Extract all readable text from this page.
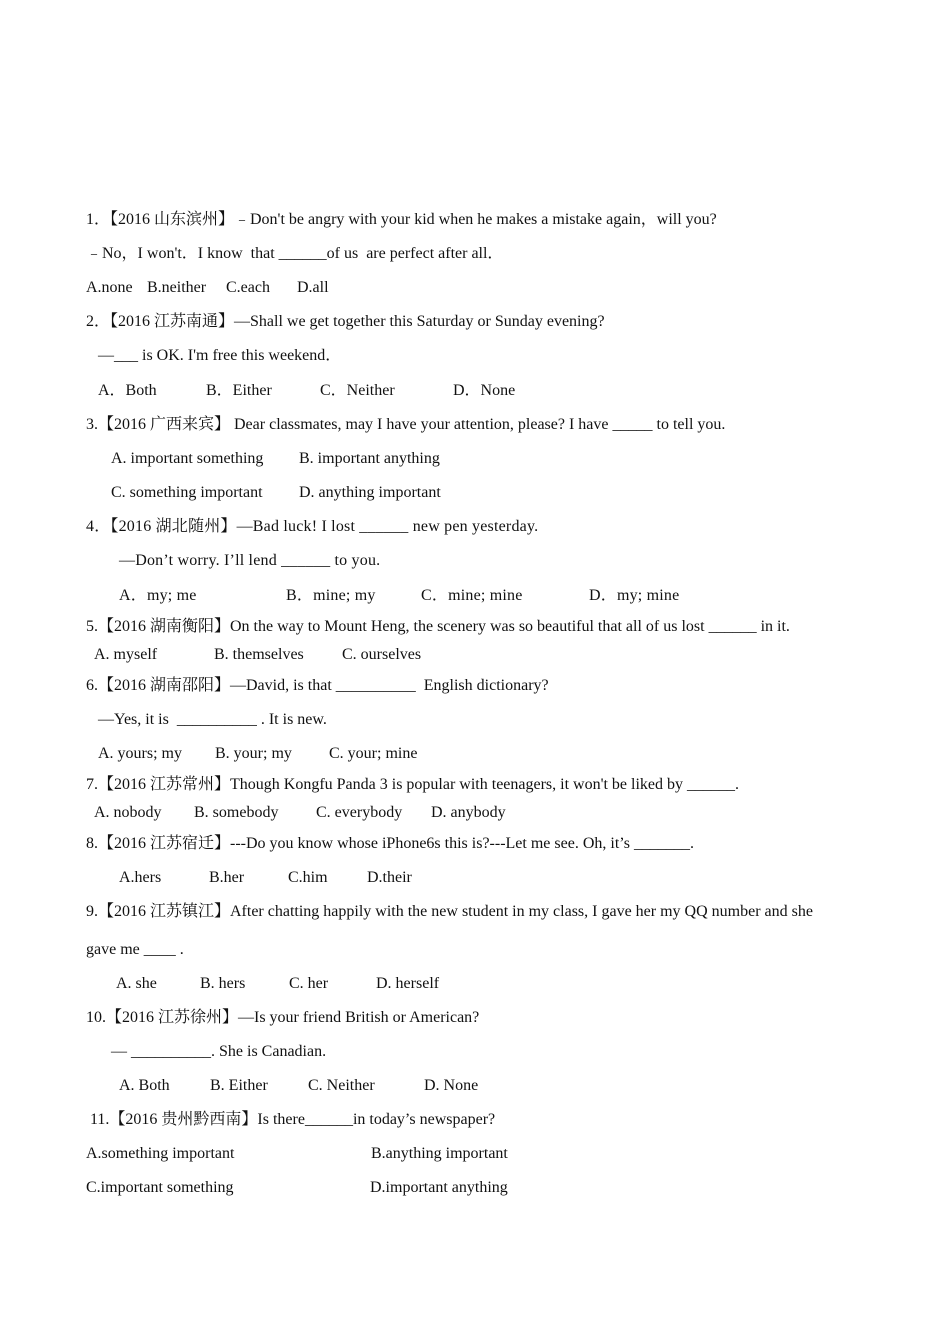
1．【2016 山东滨州】﹣Don't be angry with your kid when he makes a mistake again，will you?
﹣No，I won't．I know  that ______of us  are perfect after all．
A.none B.neither C.each D.all
2．【2016 江苏南通】—Shall we get together this Saturday or Sunday evening?
—___ is OK. I'm free this weekend．
A．Both	B．Either	C．Neither	D．None
3.【2016 广西来宾】 Dear classmates, may I have your attention, please? I have _____ to tell you.
A. important something B. important anything
C. something important D. anything important
4．【2016 湖北随州】—Bad luck! I lost ______ new pen yesterday.
—Don’t worry. I’ll lend ______ to you.
A．my; me	B．mine; my	C．mine; mine	D．my; mine
5.【2016 湖南衡阳】On the way to Mount Heng, the scenery was so beautiful that all of us lost ______ in it.
A. myself	B. themselves C. ourselves
6.【2016 湖南邵阳】—David, is that __________  English dictionary?
—Yes, it is  __________ . It is new.
A. yours; my B. your; my C. your; mine
7.【2016 江苏常州】Though Kongfu Panda 3 is popular with teenagers, it won't be liked by ______.
A. nobody B. somebody C. everybody D. anybody
8.【2016 江苏宿迁】---Do you know whose iPhone6s this is?---Let me see. Oh, it’s _______.
A.hers	B.her	C.him D.their
9.【2016 江苏镇江】After chatting happily with the new student in my class, I gave her my QQ number and she
gave me ____ .
A. she	B. hers	C. her	D. herself
10.【2016 江苏徐州】—Is your friend British or American?
— __________. She is Canadian.
A. Both	B. Either	C. Neither	D. None
11.【2016 贵州黔西南】Is there______in today’s newspaper?
A.something important	B.anything important
C.important something	D.important anything
